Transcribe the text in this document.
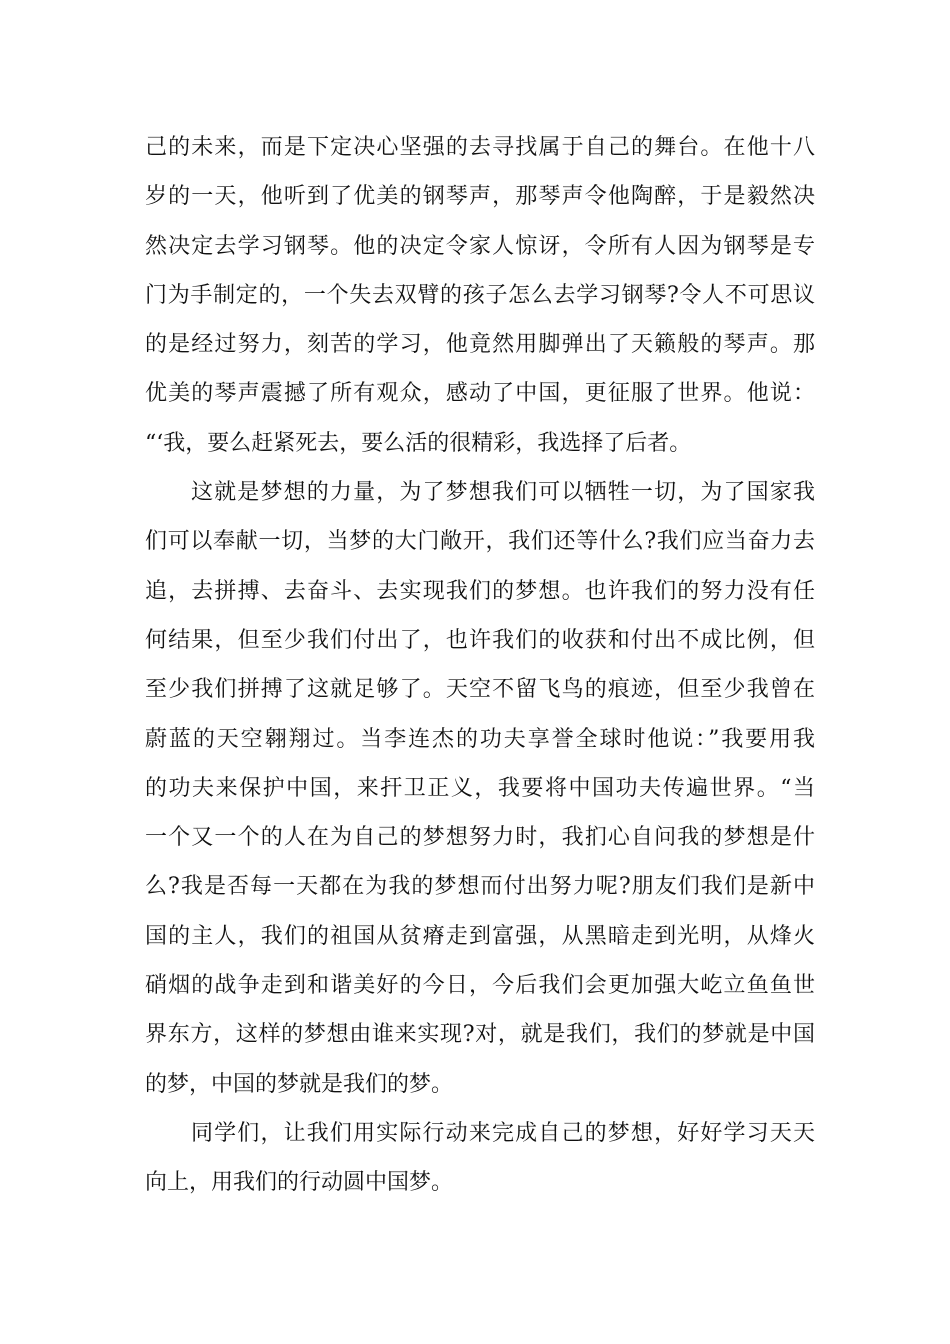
己的未来，而是下定决心坚强的去寻找属于自己的舞台。在他十八
岁的一天，他听到了优美的钢琴声，那琴声令他陶醉，于是毅然决
然决定去学习钢琴。他的决定令家人惊讶，令所有人因为钢琴是专
门为手制定的，一个失去双臂的孩子怎么去学习钢琴?令人不可思议
的是经过努力，刻苦的学习，他竟然用脚弹出了天籁般的琴声。那
优美的琴声震撼了所有观众，感动了中国，更征服了世界。他说：
“‘我，要么赶紧死去，要么活的很精彩，我选择了后者。
这就是梦想的力量，为了梦想我们可以牺牲一切，为了国家我
们可以奉献一切，当梦的大门敞开，我们还等什么?我们应当奋力去
追，去拼搏、去奋斗、去实现我们的梦想。也许我们的努力没有任
何结果，但至少我们付出了，也许我们的收获和付出不成比例，但
至少我们拼搏了这就足够了。天空不留飞鸟的痕迹，但至少我曾在
蔚蓝的天空翱翔过。当李连杰的功夫享誉全球时他说：”我要用我
的功夫来保护中国，来扞卫正义，我要将中国功夫传遍世界。“当
一个又一个的人在为自己的梦想努力时，我扪心自问我的梦想是什
么?我是否每一天都在为我的梦想而付出努力呢?朋友们我们是新中
国的主人，我们的祖国从贫瘠走到富强，从黑暗走到光明，从烽火
硝烟的战争走到和谐美好的今日，今后我们会更加强大屹立鱼鱼世
界东方，这样的梦想由谁来实现?对，就是我们，我们的梦就是中国
的梦，中国的梦就是我们的梦。
同学们，让我们用实际行动来完成自己的梦想，好好学习天天
向上，用我们的行动圆中国梦。
